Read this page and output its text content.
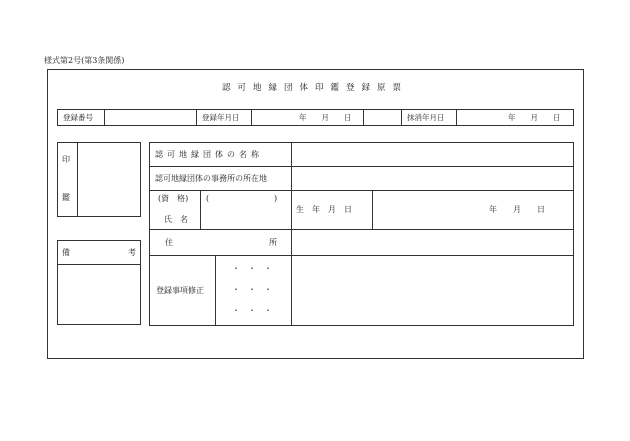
様式第2号(第3条関係)
認可地縁団体印鑑登録原票
登録番号	登録年月日	年　　月　　日	抹消年月日	年　　月　　日
印
鑑
備	考
認可地縁団体の名称
認可地縁団体の事務所の所在地
(資　格)
氏　名
(	)
生　年　月　日	年　　月　　日
住	所
登録事項修正
・　・　・
・　・　・
・　・　・
